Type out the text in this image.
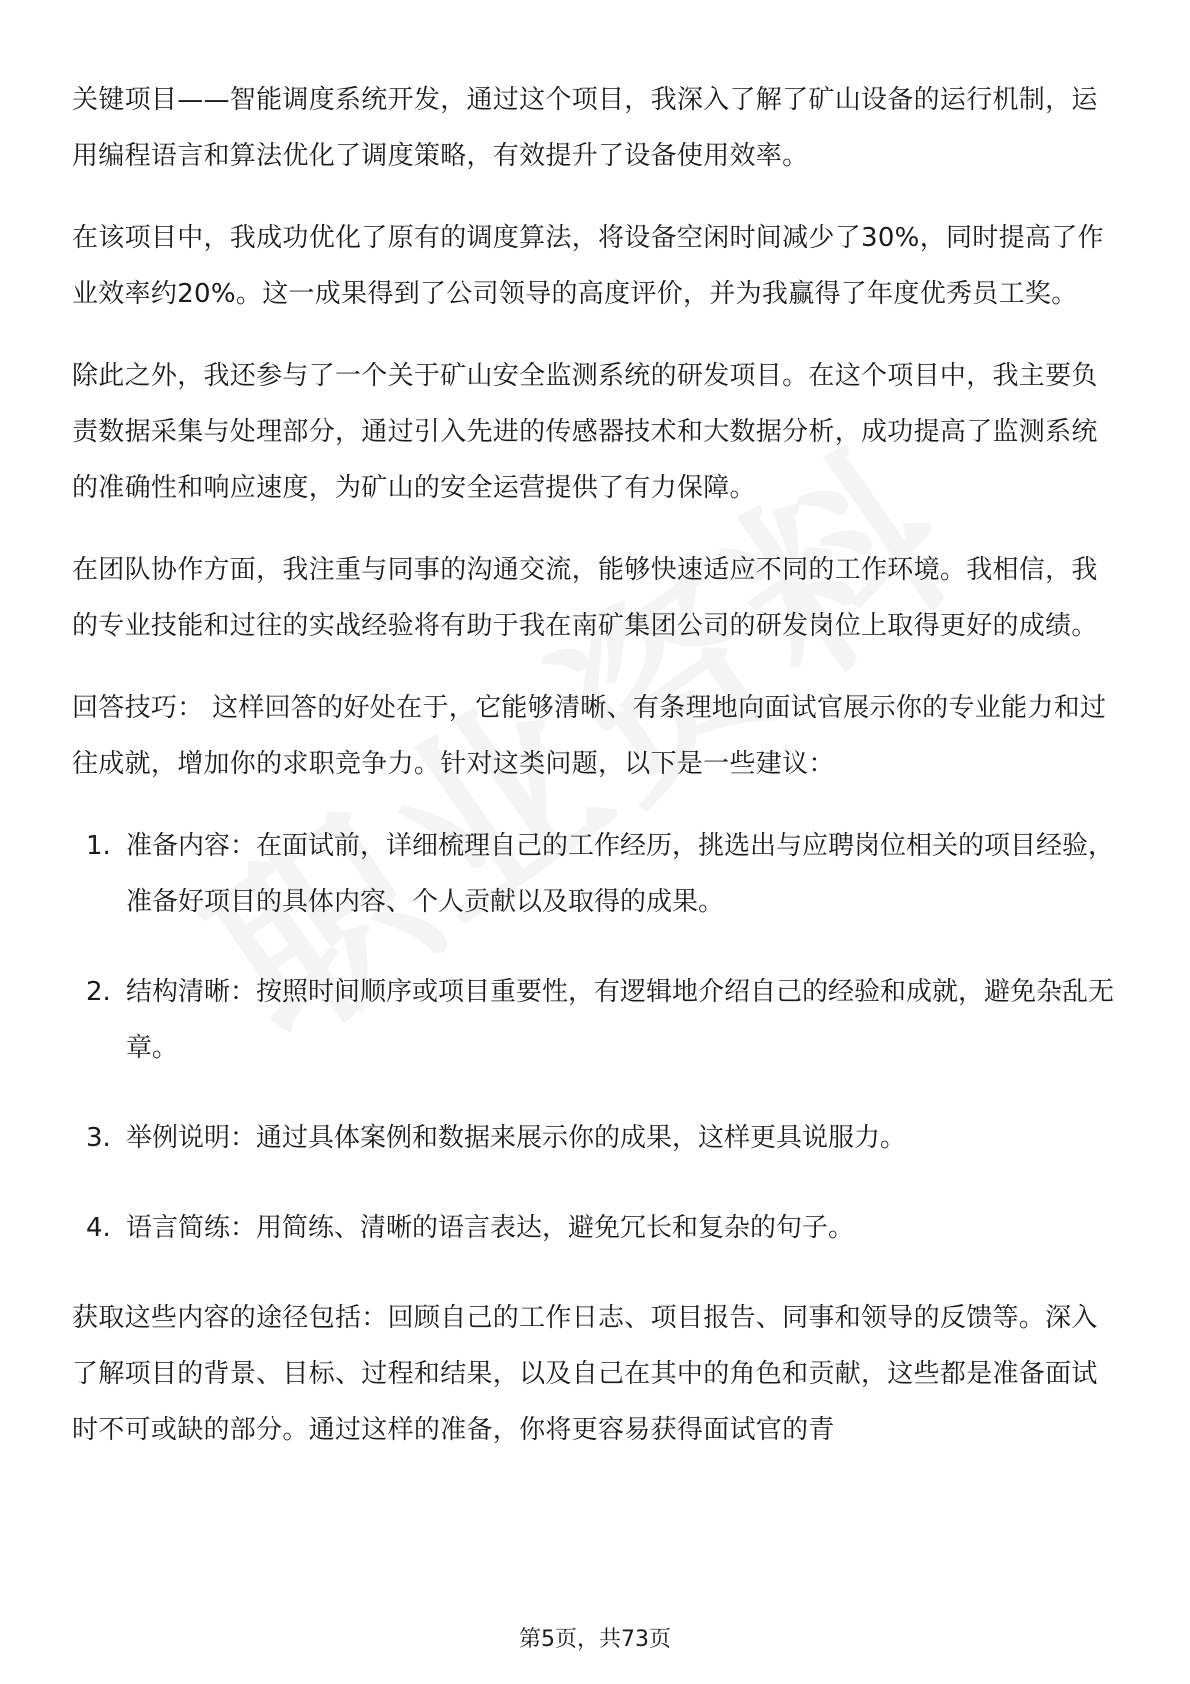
关键项目——智能调度系统开发，通过这个项目，我深入了解了矿山设备的运行机制，运用编程语言和算法优化了调度策略，有效提升了设备使用效率。

在该项目中，我成功优化了原有的调度算法，将设备空闲时间减少了30%，同时提高了作业效率约20%。这一成果得到了公司领导的高度评价，并为我赢得了年度优秀员工奖。

除此之外，我还参与了一个关于矿山安全监测系统的研发项目。在这个项目中，我主要负责数据采集与处理部分，通过引入先进的传感器技术和大数据分析，成功提高了监测系统的准确性和响应速度，为矿山的安全运营提供了有力保障。

在团队协作方面，我注重与同事的沟通交流，能够快速适应不同的工作环境。我相信，我的专业技能和过往的实战经验将有助于我在南矿集团公司的研发岗位上取得更好的成绩。

回答技巧： 这样回答的好处在于，它能够清晰、有条理地向面试官展示你的专业能力和过往成就，增加你的求职竞争力。针对这类问题，以下是一些建议：

1. 准备内容：在面试前，详细梳理自己的工作经历，挑选出与应聘岗位相关的项目经验，准备好项目的具体内容、个人贡献以及取得的成果。
2. 结构清晰：按照时间顺序或项目重要性，有逻辑地介绍自己的经验和成就，避免杂乱无章。
3. 举例说明：通过具体案例和数据来展示你的成果，这样更具说服力。
4. 语言简练：用简练、清晰的语言表达，避免冗长和复杂的句子。

获取这些内容的途径包括：回顾自己的工作日志、项目报告、同事和领导的反馈等。深入了解项目的背景、目标、过程和结果，以及自己在其中的角色和贡献，这些都是准备面试时不可或缺的部分。通过这样的准备，你将更容易获得面试官的青

第5页，共73页
